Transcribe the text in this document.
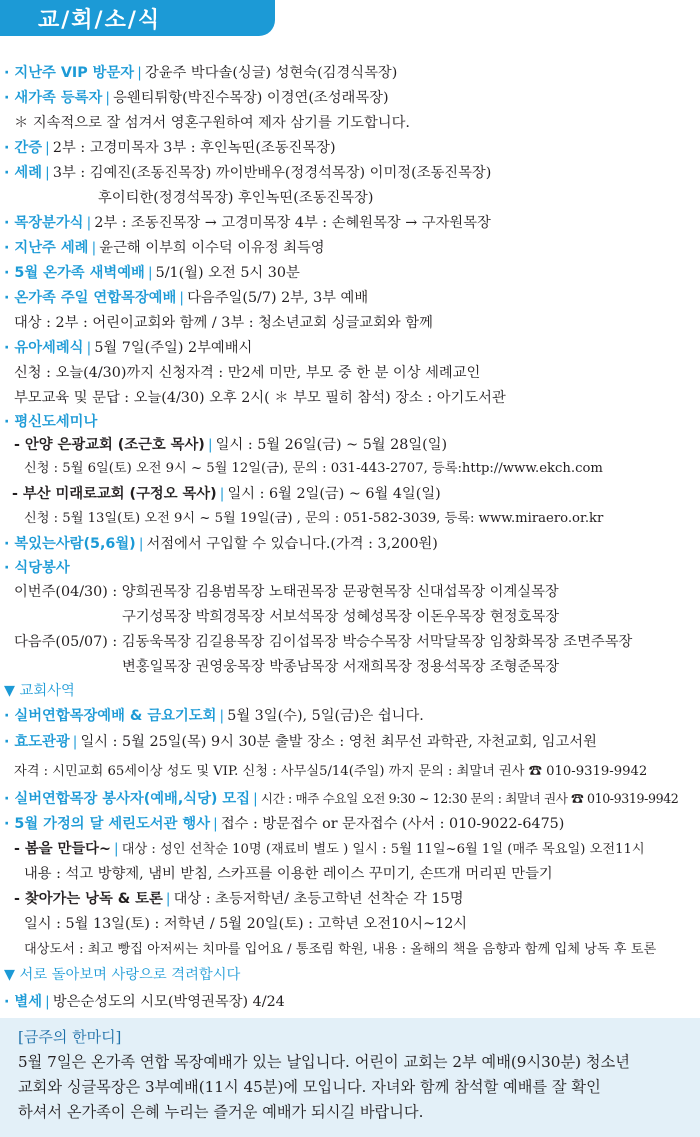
교/회/소/식
· 지난주 VIP 방문자 | 강윤주 박다솔(싱글) 성현숙(김경식목장)
· 새가족 등록자 | 응웬티튀항(박진수목장) 이경연(조성래목장)
＊ 지속적으로 잘 섬겨서 영혼구원하여 제자 삼기를 기도합니다.
· 간증 | 2부 : 고경미목자 3부 : 후인녹띤(조동진목장)
· 세례 | 3부 : 김예진(조동진목장) 까이반배우(정경석목장) 이미정(조동진목장)
후이티한(정경석목장) 후인녹띤(조동진목장)
· 목장분가식 | 2부 : 조동진목장 → 고경미목장 4부 : 손혜원목장 → 구자원목장
· 지난주 세례 | 윤근해 이부희 이수덕 이유정 최득영
· 5월 온가족 새벽예배 | 5/1(월) 오전 5시 30분
· 온가족 주일 연합목장예배 | 다음주일(5/7) 2부, 3부 예배
대상 : 2부 : 어린이교회와 함께 / 3부 : 청소년교회 싱글교회와 함께
· 유아세례식 | 5월 7일(주일) 2부예배시
신청 : 오늘(4/30)까지 신청자격 : 만2세 미만, 부모 중 한 분 이상 세례교인
부모교육 및 문답 : 오늘(4/30) 오후 2시( ＊ 부모 필히 참석) 장소 : 아기도서관
· 평신도세미나
- 안양 은광교회 (조근호 목사) | 일시 : 5월 26일(금) ~ 5월 28일(일)
신청 : 5월 6일(토) 오전 9시 ~ 5월 12일(금), 문의 : 031-443-2707, 등록:http://www.ekch.com
- 부산 미래로교회 (구정오 목사) | 일시 : 6월 2일(금) ~ 6월 4일(일)
신청 : 5월 13일(토) 오전 9시 ~ 5월 19일(금) , 문의 : 051-582-3039, 등록: www.miraero.or.kr
· 복있는사람(5,6월) | 서점에서 구입할 수 있습니다.(가격 : 3,200원)
· 식당봉사
이번주(04/30) : 양희권목장 김용범목장 노태권목장 문광현목장 신대섭목장 이계실목장
구기성목장 박희경목장 서보석목장 성혜성목장 이돈우목장 현정호목장
다음주(05/07) : 김동욱목장 김길용목장 김이섭목장 박승수목장 서막달목장 임창화목장 조면주목장
변홍일목장 권영웅목장 박종남목장 서재희목장 정용석목장 조형준목장
▼ 교회사역
· 실버연합목장예배 & 금요기도회 | 5월 3일(수), 5일(금)은 쉽니다.
· 효도관광 | 일시 : 5월 25일(목) 9시 30분 출발 장소 : 영천 최무선 과학관, 자천교회, 임고서원
자격 : 시민교회 65세이상 성도 및 VIP. 신청 : 사무실5/14(주일) 까지 문의 : 최말녀 권사 ☎ 010-9319-9942
· 실버연합목장 봉사자(예배,식당) 모집 | 시간 : 매주 수요일 오전 9:30 ~ 12:30 문의 : 최말녀 권사 ☎ 010-9319-9942
· 5월 가정의 달 세린도서관 행사 | 접수 : 방문접수 or 문자접수 (사서 : 010-9022-6475)
- 봄을 만들다~ | 대상 : 성인 선착순 10명 (재료비 별도 ) 일시 : 5월 11일~6월 1일 (매주 목요일) 오전11시
내용 : 석고 방향제, 냄비 받침, 스카프를 이용한 레이스 꾸미기, 손뜨개 머리핀 만들기
- 찾아가는 낭독 & 토론 | 대상 : 초등저학년/ 초등고학년 선착순 각 15명
일시 : 5월 13일(토) : 저학년 / 5월 20일(토) : 고학년 오전10시~12시
대상도서 : 최고 빵집 아저씨는 치마를 입어요 / 통조림 학원, 내용 : 올해의 책을 음향과 함께 입체 낭독 후 토론
▼ 서로 돌아보며 사랑으로 격려합시다
· 별세 | 방은순성도의 시모(박영권목장) 4/24
[금주의 한마디]
5월 7일은 온가족 연합 목장예배가 있는 날입니다. 어린이 교회는 2부 예배(9시30분) 청소년
교회와 싱글목장은 3부예배(11시 45분)에 모입니다. 자녀와 함께 참석할 예배를 잘 확인
하셔서 온가족이 은혜 누리는 즐거운 예배가 되시길 바랍니다.
